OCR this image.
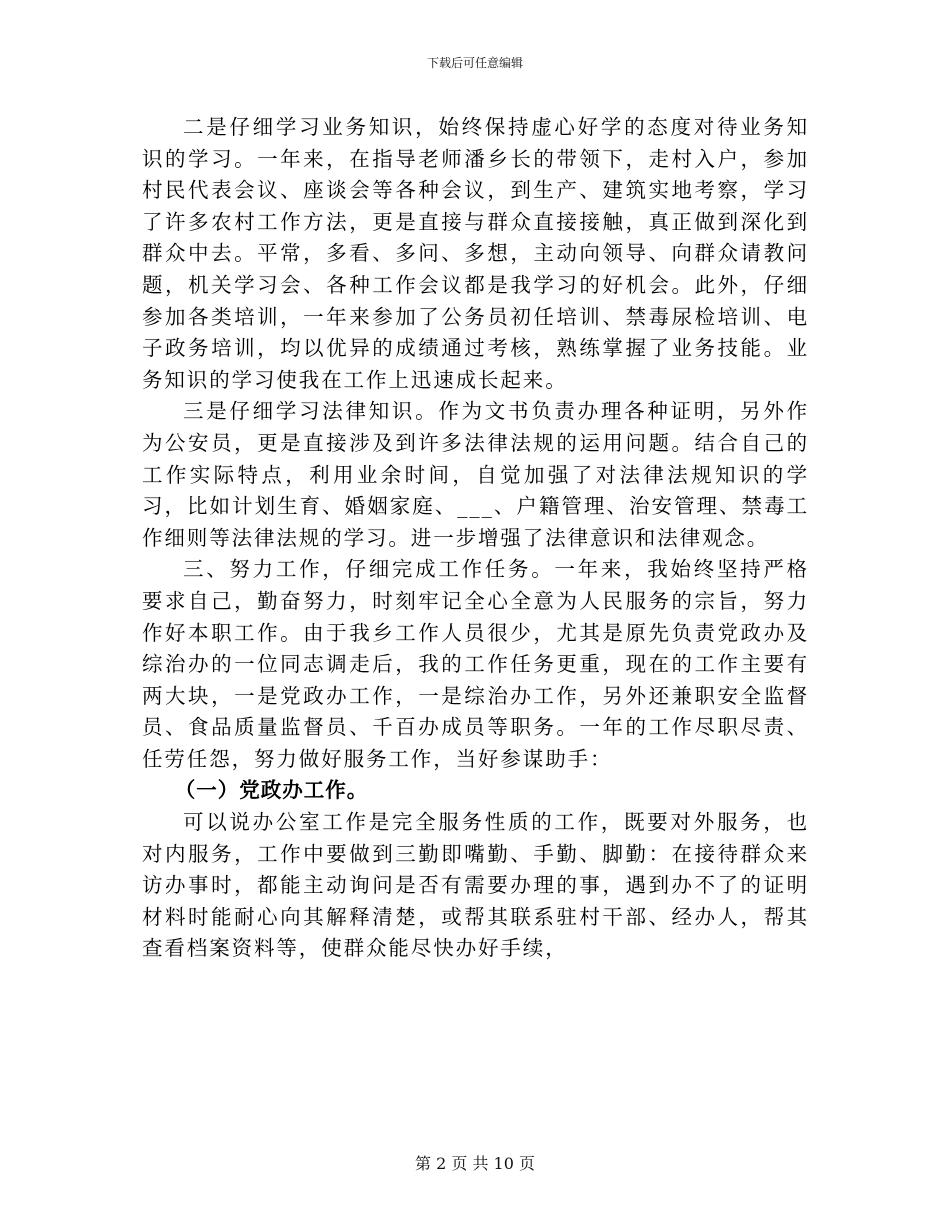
下载后可任意编辑

二是仔细学习业务知识，始终保持虚心好学的态度对待业务知识的学习。一年来，在指导老师潘乡长的带领下，走村入户，参加村民代表会议、座谈会等各种会议，到生产、建筑实地考察，学习了许多农村工作方法，更是直接与群众直接接触，真正做到深化到群众中去。平常，多看、多问、多想，主动向领导、向群众请教问题，机关学习会、各种工作会议都是我学习的好机会。此外，仔细参加各类培训，一年来参加了公务员初任培训、禁毒尿检培训、电子政务培训，均以优异的成绩通过考核，熟练掌握了业务技能。业务知识的学习使我在工作上迅速成长起来。

三是仔细学习法律知识。作为文书负责办理各种证明，另外作为公安员，更是直接涉及到许多法律法规的运用问题。结合自己的工作实际特点，利用业余时间，自觉加强了对法律法规知识的学习，比如计划生育、婚姻家庭、___、户籍管理、治安管理、禁毒工作细则等法律法规的学习。进一步增强了法律意识和法律观念。

三、努力工作，仔细完成工作任务。一年来，我始终坚持严格要求自己，勤奋努力，时刻牢记全心全意为人民服务的宗旨，努力作好本职工作。由于我乡工作人员很少，尤其是原先负责党政办及综治办的一位同志调走后，我的工作任务更重，现在的工作主要有两大块，一是党政办工作，一是综治办工作，另外还兼职安全监督员、食品质量监督员、千百办成员等职务。一年的工作尽职尽责、任劳任怨，努力做好服务工作，当好参谋助手：

（一）党政办工作。

可以说办公室工作是完全服务性质的工作，既要对外服务，也对内服务，工作中要做到三勤即嘴勤、手勤、脚勤：在接待群众来访办事时，都能主动询问是否有需要办理的事，遇到办不了的证明材料时能耐心向其解释清楚，或帮其联系驻村干部、经办人，帮其查看档案资料等，使群众能尽快办好手续，

第 2 页 共 10 页
